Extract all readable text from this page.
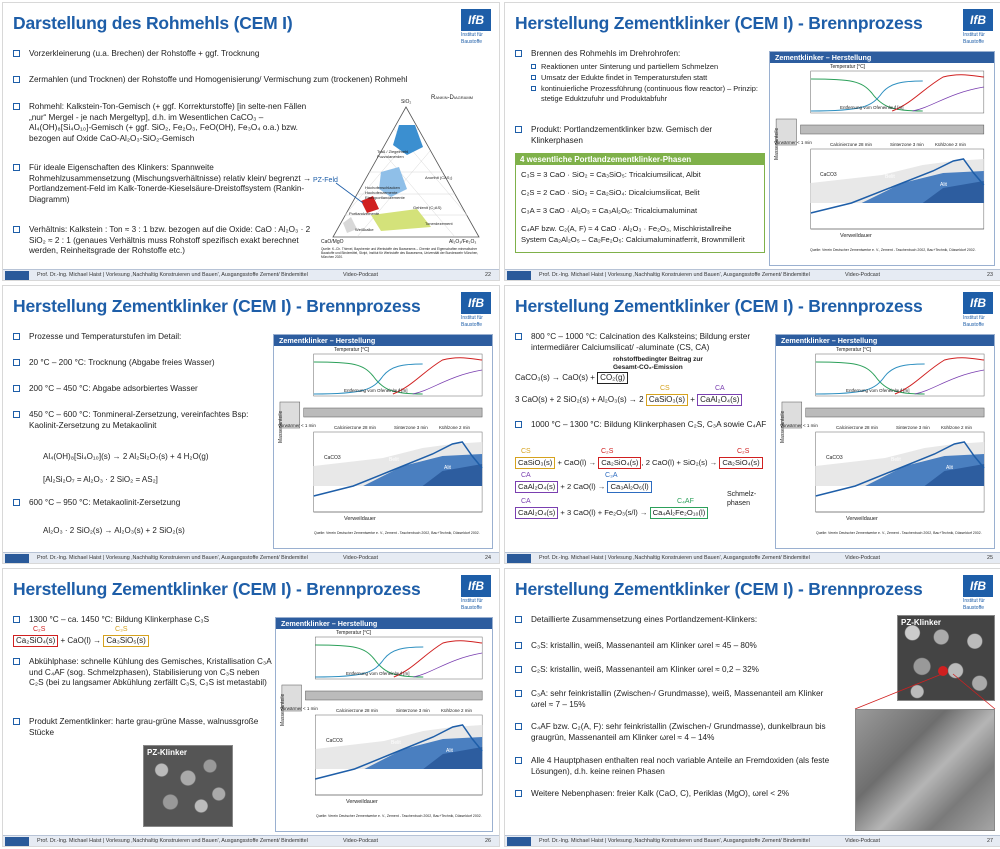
Darstellung des Rohmehls (CEM I)	IfB
Institut für
Baustoffe
Vorzerkleinerung (u.a. Brechen) der Rohstoffe + ggf. Trocknung
Zermahlen (und Trocknen) der Rohstoffe und Homogenisierung/ Vermischung zum (trockenen) Rohmehl
Rohmehl: Kalkstein-Ton-Gemisch (+ ggf. Korrekturstoffe) [in selte-nen Fällen „nur“ Mergel - je nach Mergeltyp], d.h. im Wesentlichen CaCO₃ – Al₄(OH)₈[Si₄O₁₀]-Gemisch (+ ggf. SiO₂, Fe₂O₃, FeO(OH), Fe₃O₄ o.a.) bzw. bezogen auf Oxide CaO-Al₂O₃-SiO₂-Gemisch
Für ideale Eigenschaften des Klinkers: Spannweite Rohmehlzusammensetzung (Mischungsverhältnisse) relativ klein/ begrenzt → Portlandzement-Feld im Kalk-Tonerde-Kieselsäure-Dreistoffsystem (Rankin-Diagramm)
Verhältnis: Kalkstein : Ton ≈ 3 : 1 bzw. bezogen auf die Oxide: CaO : Al₂O₃ · 2 SiO₂ ≈ 2 : 1 (genaues Verhältnis muss Rohstoff spezifisch exakt berechnet werden, Reinheitsgrade der Rohstoffe etc.)
Rankin-Diagramm
SiO₂
CaO/MgO	Al₂O₃/Fe₂O₃
PZ-Feld
Traß / Ziegelmehl Puzzolanerden
Anorthit (CAS₂)
Hochofenschlacken Hochofenzemente Eisenportlandzemente
Gehlenit (C₂AS)
Portlandzemente
Tonerdezement
Weißkalke
Quelle: K.-Ch. Thienel, Baychemie und Werkstoffe des Bauwesens – Chemie und Eigenschaften mineralischer Baustoffe und Bindemittel, Skript, Institut für Werkstoffe des Bauwesens, Universität der Bundeswehr München, München 2020.
Prof. Dr.-Ing. Michael Haist | Vorlesung ‚Nachhaltig Konstruieren und Bauen', Ausgangsstoffe Zement/ Bindemittel	Video-Podcast	22
Herstellung Zementklinker (CEM I) - Brennprozess	IfB
Institut für
Baustoffe
Brennen des Rohmehls im Drehrohrofen:
Reaktionen unter Sinterung und partiellem Schmelzen
Umsatz der Edukte findet in Temperaturstufen statt
kontinuierliche Prozessführung (continuous flow reactor) – Prinzip: stetige Eduktzufuhr und Produktabfuhr
Produkt: Portlandzementklinker bzw. Gemisch der Klinkerphasen
4 wesentliche Portlandzementklinker-Phasen
C₃S = 3 CaO · SiO₂ = Ca₃SiO₅: Tricalciumsilicat, Albit
C₂S = 2 CaO · SiO₂ = Ca₂SiO₄: Dicalciumsilicat, Belit
C₃A = 3 CaO · Al₂O₃ = Ca₃Al₂O₆: Tricalciumaluminat
C₄AF bzw. C₂(A, F) ≈ 4 CaO · Al₂O₃ · Fe₂O₃, Mischkristallreihe
System Ca₂Al₂O₅ – Ca₂Fe₂O₅: Calciumaluminatferrit, Brownmillerit
Zementklinker – Herstellung
Massenanteile
Temperatur [°C]
Entfernung vom Ofeneinlauf [m]
Calcinierzone 28 min	Sinterzone 3 min Kühlzone 2 min
Vorwärmer < 1 min
CaCO3	Belit
Alit
Verweildauer
Quelle: Verein Deutscher Zementwerke e. V., Zement - Taschenbuch 2002, Bau+Technik, Düsseldorf 2002.
Prof. Dr.-Ing. Michael Haist | Vorlesung ‚Nachhaltig Konstruieren und Bauen', Ausgangsstoffe Zement/ Bindemittel	Video-Podcast	23
Herstellung Zementklinker (CEM I) - Brennprozess	IfB
Institut für
Baustoffe
Prozesse und Temperaturstufen im Detail:
20 °C – 200 °C: Trocknung (Abgabe freies Wasser)
200 °C – 450 °C: Abgabe adsorbiertes Wasser
450 °C – 600 °C: Tonmineral-Zersetzung, vereinfachtes Bsp: Kaolinit-Zersetzung zu Metakaolinit
Al₄(OH)₈[Si₄O₁₀](s) → 2 Al₂Si₂O₇(s) + 4 H₂O(g)
[Al₂Si₂O₇ = Al₂O₃ · 2 SiO₂ = AS₂]
600 °C – 950 °C: Metakaolinit-Zersetzung
Al₂O₃ · 2 SiO₂(s) → Al₂O₃(s) + 2 SiO₂(s)
Zementklinker – Herstellung
Massenanteile
Temperatur [°C]
Entfernung vom Ofeneinlauf [m]
Calcinierzone 28 min	Sinterzone 3 min Kühlzone 2 min
Vorwärmer < 1 min
CaCO3	Belit
Alit
Verweildauer
Quelle: Verein Deutscher Zementwerke e. V., Zement - Taschenbuch 2002, Bau+Technik, Düsseldorf 2002.
Prof. Dr.-Ing. Michael Haist | Vorlesung ‚Nachhaltig Konstruieren und Bauen', Ausgangsstoffe Zement/ Bindemittel	Video-Podcast	24
Herstellung Zementklinker (CEM I) - Brennprozess	IfB
Institut für
Baustoffe
800 °C – 1000 °C: Calcination des Kalksteins; Bildung erster intermediärer Calciumsilicat/ -aluminate (CS, CA)
rohstoffbedingter Beitrag zur Gesamt-CO₂-Emission
CaCO₃(s) → CaO(s) + CO₂(g)
CS	CA
3 CaO(s) + 2 SiO₂(s) + Al₂O₃(s) → 2 CaSiO₃(s) + CaAl₂O₄(s)
1000 °C – 1300 °C: Bildung Klinkerphasen C₂S, C₃A sowie C₄AF
CS	C₂S	C₂S
CaSiO₃(s) + CaO(l) → Ca₂SiO₄(s) , 2 CaO(l) + SiO₂(s) → Ca₂SiO₄(s)
CA	C₃A
CaAl₂O₄(s) + 2 CaO(l) → Ca₃Al₂O₆(l)
CA	C₄AF
CaAl₂O₄(s) + 3 CaO(l) + Fe₂O₃(s/l) → Ca₄Al₂Fe₂O₁₀(l)
Schmelz-phasen
Zementklinker – Herstellung
Massenanteile
Temperatur [°C]
Entfernung vom Ofeneinlauf [m]
Calcinierzone 28 min	Sinterzone 3 min Kühlzone 2 min
Vorwärmer < 1 min
CaCO3	Belit
Alit
Verweildauer
Quelle: Verein Deutscher Zementwerke e. V., Zement - Taschenbuch 2002, Bau+Technik, Düsseldorf 2002.
Prof. Dr.-Ing. Michael Haist | Vorlesung ‚Nachhaltig Konstruieren und Bauen', Ausgangsstoffe Zement/ Bindemittel	Video-Podcast	25
Herstellung Zementklinker (CEM I) - Brennprozess	IfB
Institut für
Baustoffe
1300 °C – ca. 1450 °C: Bildung Klinkerphase C₃S
C₂S	C₃S
Ca₂SiO₄(s) + CaO(l) → Ca₃SiO₅(s)
Abkühlphase: schnelle Kühlung des Gemisches, Kristallisation C₃A und C₄AF (sog. Schmelzphasen), Stabilisierung von C₃S neben C₂S (bei zu langsamer Abkühlung zerfällt C₃S, C₃S ist metastabil)
Produkt Zementklinker: harte grau-grüne Masse, walnussgroße Stücke
PZ-Klinker
Zementklinker – Herstellung
Massenanteile
Temperatur [°C]
Entfernung vom Ofeneinlauf [m]
Calcinierzone 28 min	Sinterzone 3 min Kühlzone 2 min
Vorwärmer < 1 min
CaCO3	Belit
Alit
Verweildauer
Quelle: Verein Deutscher Zementwerke e. V., Zement - Taschenbuch 2002, Bau+Technik, Düsseldorf 2002.
Prof. Dr.-Ing. Michael Haist | Vorlesung ‚Nachhaltig Konstruieren und Bauen', Ausgangsstoffe Zement/ Bindemittel	Video-Podcast	26
Herstellung Zementklinker (CEM I) - Brennprozess	IfB
Institut für
Baustoffe
Detaillierte Zusammensetzung eines Portlandzement-Klinkers:
C₃S: kristallin, weiß, Massenanteil am Klinker ωrel ≈ 45 – 80%
C₂S: kristallin, weiß, Massenanteil am Klinker ωrel ≈ 0,2 – 32%
C₃A: sehr feinkristallin (Zwischen-/ Grundmasse), weiß, Massenanteil am Klinker ωrel ≈ 7 – 15%
C₄AF bzw. C₂(A, F): sehr feinkristallin (Zwischen-/ Grundmasse), dunkelbraun bis graugrün, Massenanteil am Klinker ωrel ≈ 4 – 14%
Alle 4 Hauptphasen enthalten real noch variable Anteile an Fremdoxiden (als feste Lösungen), d.h. keine reinen Phasen
Weitere Nebenphasen: freier Kalk (CaO, C), Periklas (MgO), ωrel < 2%
PZ-Klinker
Prof. Dr.-Ing. Michael Haist | Vorlesung ‚Nachhaltig Konstruieren und Bauen', Ausgangsstoffe Zement/ Bindemittel	Video-Podcast	27
